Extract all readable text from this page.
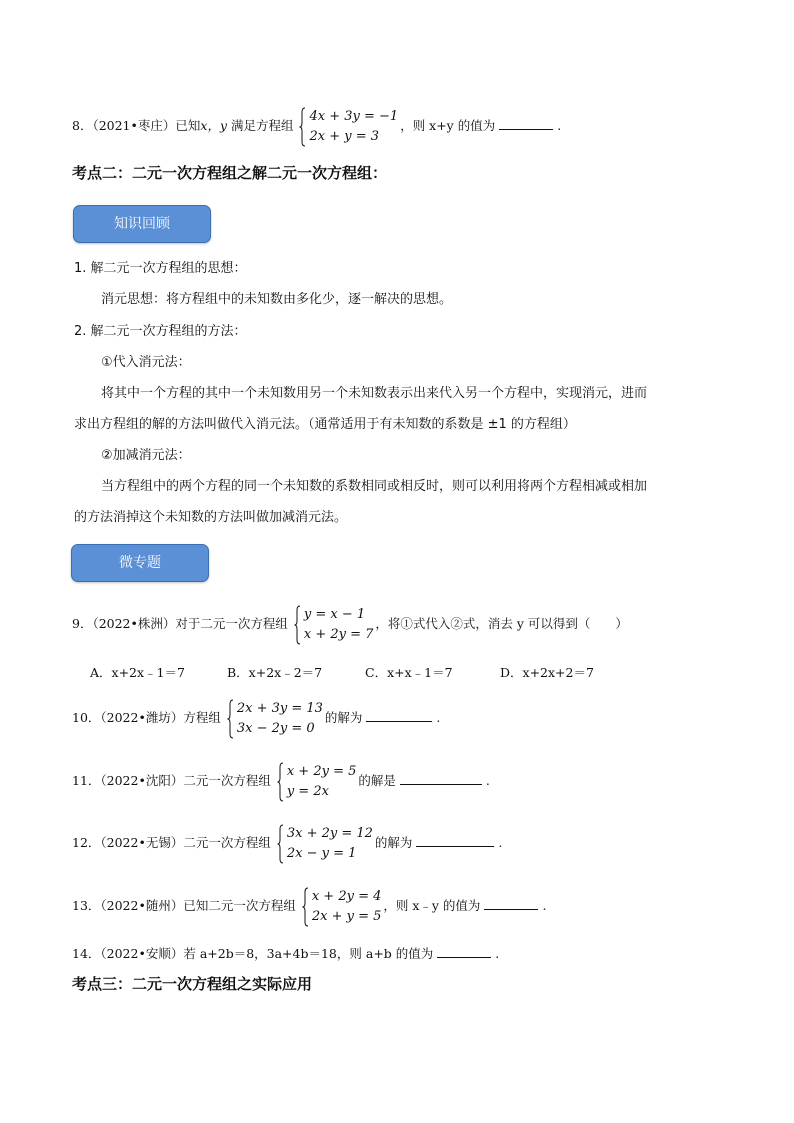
8．（2021•枣庄）已知x，y 满足方程组
4x + 3y = −1
2x + y = 3
，则 x+y 的值为	.
考点二：二元一次方程组之解二元一次方程组：
知识回顾
1. 解二元一次方程组的思想：
消元思想：将方程组中的未知数由多化少，逐一解决的思想。
2. 解二元一次方程组的方法：
①代入消元法：
将其中一个方程的其中一个未知数用另一个未知数表示出来代入另一个方程中，实现消元，进而
求出方程组的解的方法叫做代入消元法。（通常适用于有未知数的系数是 ±1 的方程组）
②加减消元法：
当方程组中的两个方程的同一个未知数的系数相同或相反时，则可以利用将两个方程相减或相加
的方法消掉这个未知数的方法叫做加减消元法。
微专题
9．（2022•株洲）对于二元一次方程组
y = x − 1
x + 2y = 7
，将①式代入②式，消去 y 可以得到（　　）
A．x+2x﹣1＝7	B．x+2x﹣2＝7	C．x+x﹣1＝7	D．x+2x+2＝7
10．（2022•潍坊）方程组
2x + 3y = 13
3x − 2y = 0
的解为	.
11．（2022•沈阳）二元一次方程组
x + 2y = 5
y = 2x
的解是	.
12．（2022•无锡）二元一次方程组
3x + 2y = 12
2x − y = 1
的解为	.
13．（2022•随州）已知二元一次方程组
x + 2y = 4
2x + y = 5
，则 x﹣y 的值为	.
14．（2022•安顺）若 a+2b＝8，3a+4b＝18，则 a+b 的值为	.
考点三：二元一次方程组之实际应用
